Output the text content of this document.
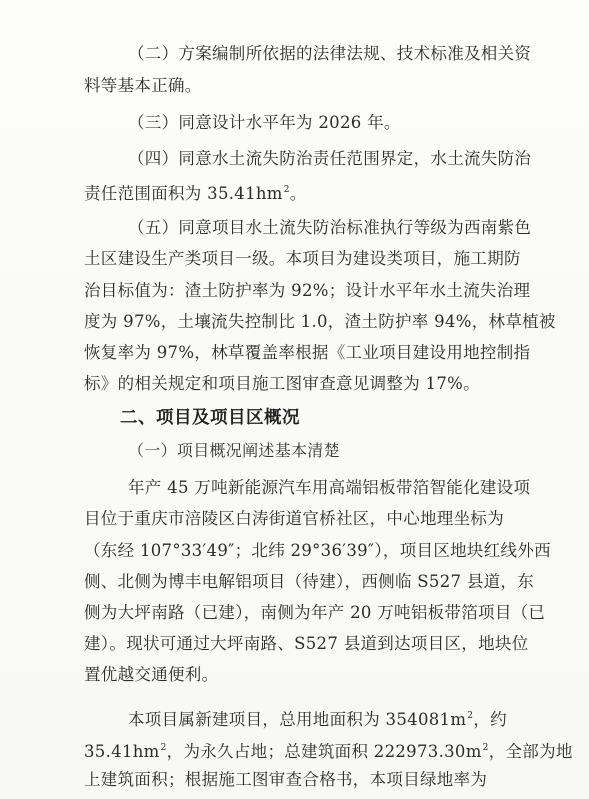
（二）方案编制所依据的法律法规、技术标准及相关资
料等基本正确。
（三）同意设计水平年为 2026 年。
（四）同意水土流失防治责任范围界定，水土流失防治
责任范围面积为 $35.41hm^2$。
（五）同意项目水土流失防治标准执行等级为西南紫色
土区建设生产类项目一级。本项目为建设类项目，施工期防
治目标值为：渣土防护率为 92%；设计水平年水土流失治理
度为 97%，土壤流失控制比 1.0，渣土防护率 94%，林草植被
恢复率为 97%，林草覆盖率根据《工业项目建设用地控制指
标》的相关规定和项目施工图审查意见调整为 17%。
二、项目及项目区概况
（一）项目概况阐述基本清楚
年产 45 万吨新能源汽车用高端铝板带箔智能化建设项
目位于重庆市涪陵区白涛街道官桥社区，中心地理坐标为
（东经 107°33′49″；北纬 29°36′39″），项目区地块红线外西
侧、北侧为博丰电解铝项目（待建），西侧临 S527 县道，东
侧为大坪南路（已建），南侧为年产 20 万吨铝板带箔项目（已
建）。现状可通过大坪南路、S527 县道到达项目区，地块位
置优越交通便利。
本项目属新建项目，总用地面积为 $354081m^2$，约
$35.41hm^2$，为永久占地；总建筑面积 $222973.30m^2$，全部为地
上建筑面积；根据施工图审查合格书，本项目绿地率为
